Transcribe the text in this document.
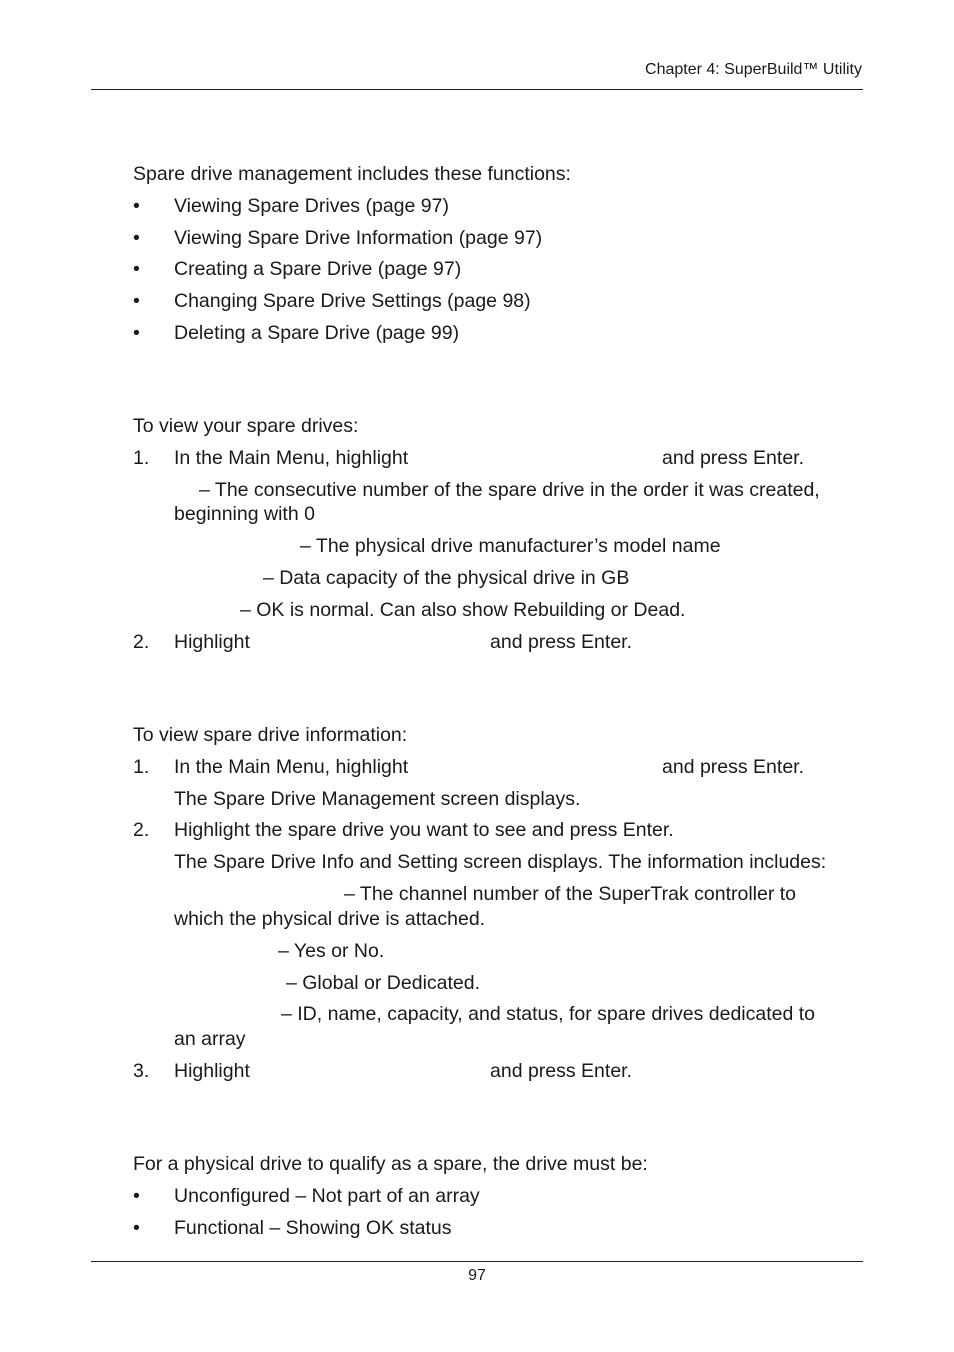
Chapter 4: SuperBuild™ Utility
Spare drive management includes these functions:
• Viewing Spare Drives (page 97)
• Viewing Spare Drive Information (page 97)
• Creating a Spare Drive (page 97)
• Changing Spare Drive Settings (page 98)
• Deleting a Spare Drive (page 99)
To view your spare drives:
1. In the Main Menu, highlight	and press Enter.
– The consecutive number of the spare drive in the order it was created,
beginning with 0
– The physical drive manufacturer’s model name
– Data capacity of the physical drive in GB
– OK is normal. Can also show Rebuilding or Dead.
2. Highlight	and press Enter.
To view spare drive information:
1. In the Main Menu, highlight	and press Enter.
The Spare Drive Management screen displays.
2. Highlight the spare drive you want to see and press Enter.
The Spare Drive Info and Setting screen displays. The information includes:
– The channel number of the SuperTrak controller to
which the physical drive is attached.
– Yes or No.
– Global or Dedicated.
– ID, name, capacity, and status, for spare drives dedicated to
an array
3. Highlight	and press Enter.
For a physical drive to qualify as a spare, the drive must be:
• Unconfigured – Not part of an array
• Functional – Showing OK status
97
